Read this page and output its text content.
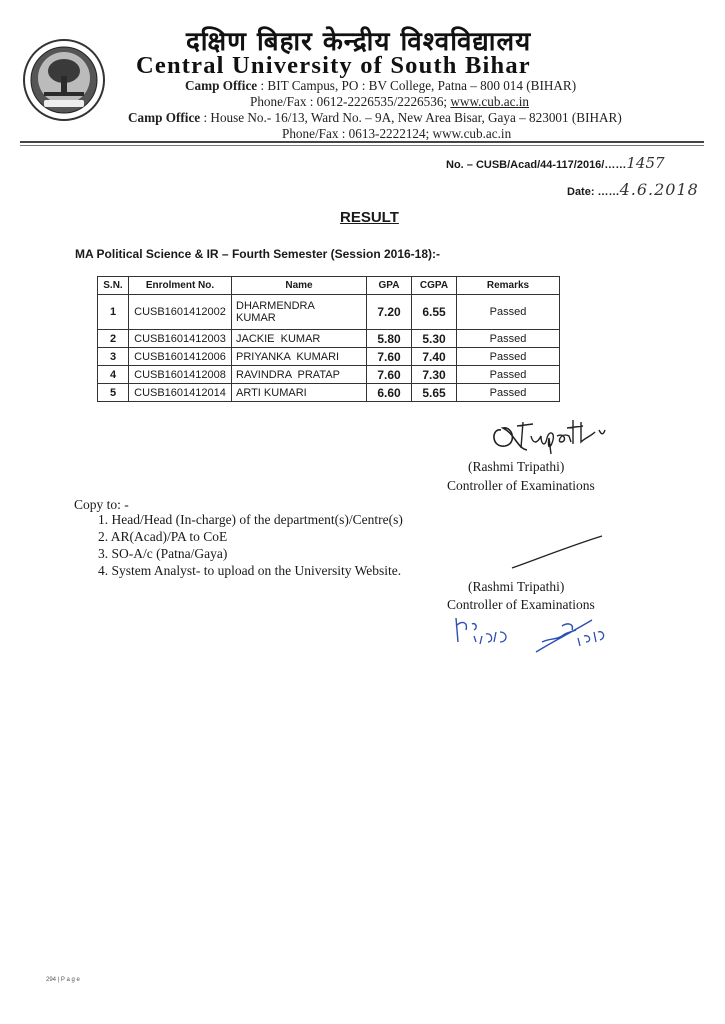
दक्षिण बिहार केन्द्रीय विश्वविद्यालय
Central University of South Bihar
Camp Office : BIT Campus, PO : BV College, Patna – 800 014 (BIHAR)
Phone/Fax : 0612-2226535/2226536; www.cub.ac.in
Camp Office : House No.- 16/13, Ward No. – 9A, New Area Bisar, Gaya – 823001 (BIHAR)
Phone/Fax : 0613-2222124; www.cub.ac.in
No. – CUSB/Acad/44-117/2016/……1457
Date: ……4.6.2018
RESULT
MA Political Science & IR – Fourth Semester (Session 2016-18):-
S.N.	Enrolment No.	Name	GPA	CGPA	Remarks
1	CUSB1601412002	DHARMENDRA
KUMAR	7.20	6.55	Passed
2	CUSB1601412003	JACKIE  KUMAR	5.80	5.30	Passed
3	CUSB1601412006	PRIYANKA  KUMARI	7.60	7.40	Passed
4	CUSB1601412008	RAVINDRA  PRATAP	7.60	7.30	Passed
5	CUSB1601412014	ARTI KUMARI	6.60	5.65	Passed
(Rashmi Tripathi)
Controller of Examinations
Copy to: -
1. Head/Head (In-charge) of the department(s)/Centre(s)
2. AR(Acad)/PA to CoE
3. SO-A/c (Patna/Gaya)
4. System Analyst- to upload on the University Website.
(Rashmi Tripathi)
Controller of Examinations
294 | P a g e
